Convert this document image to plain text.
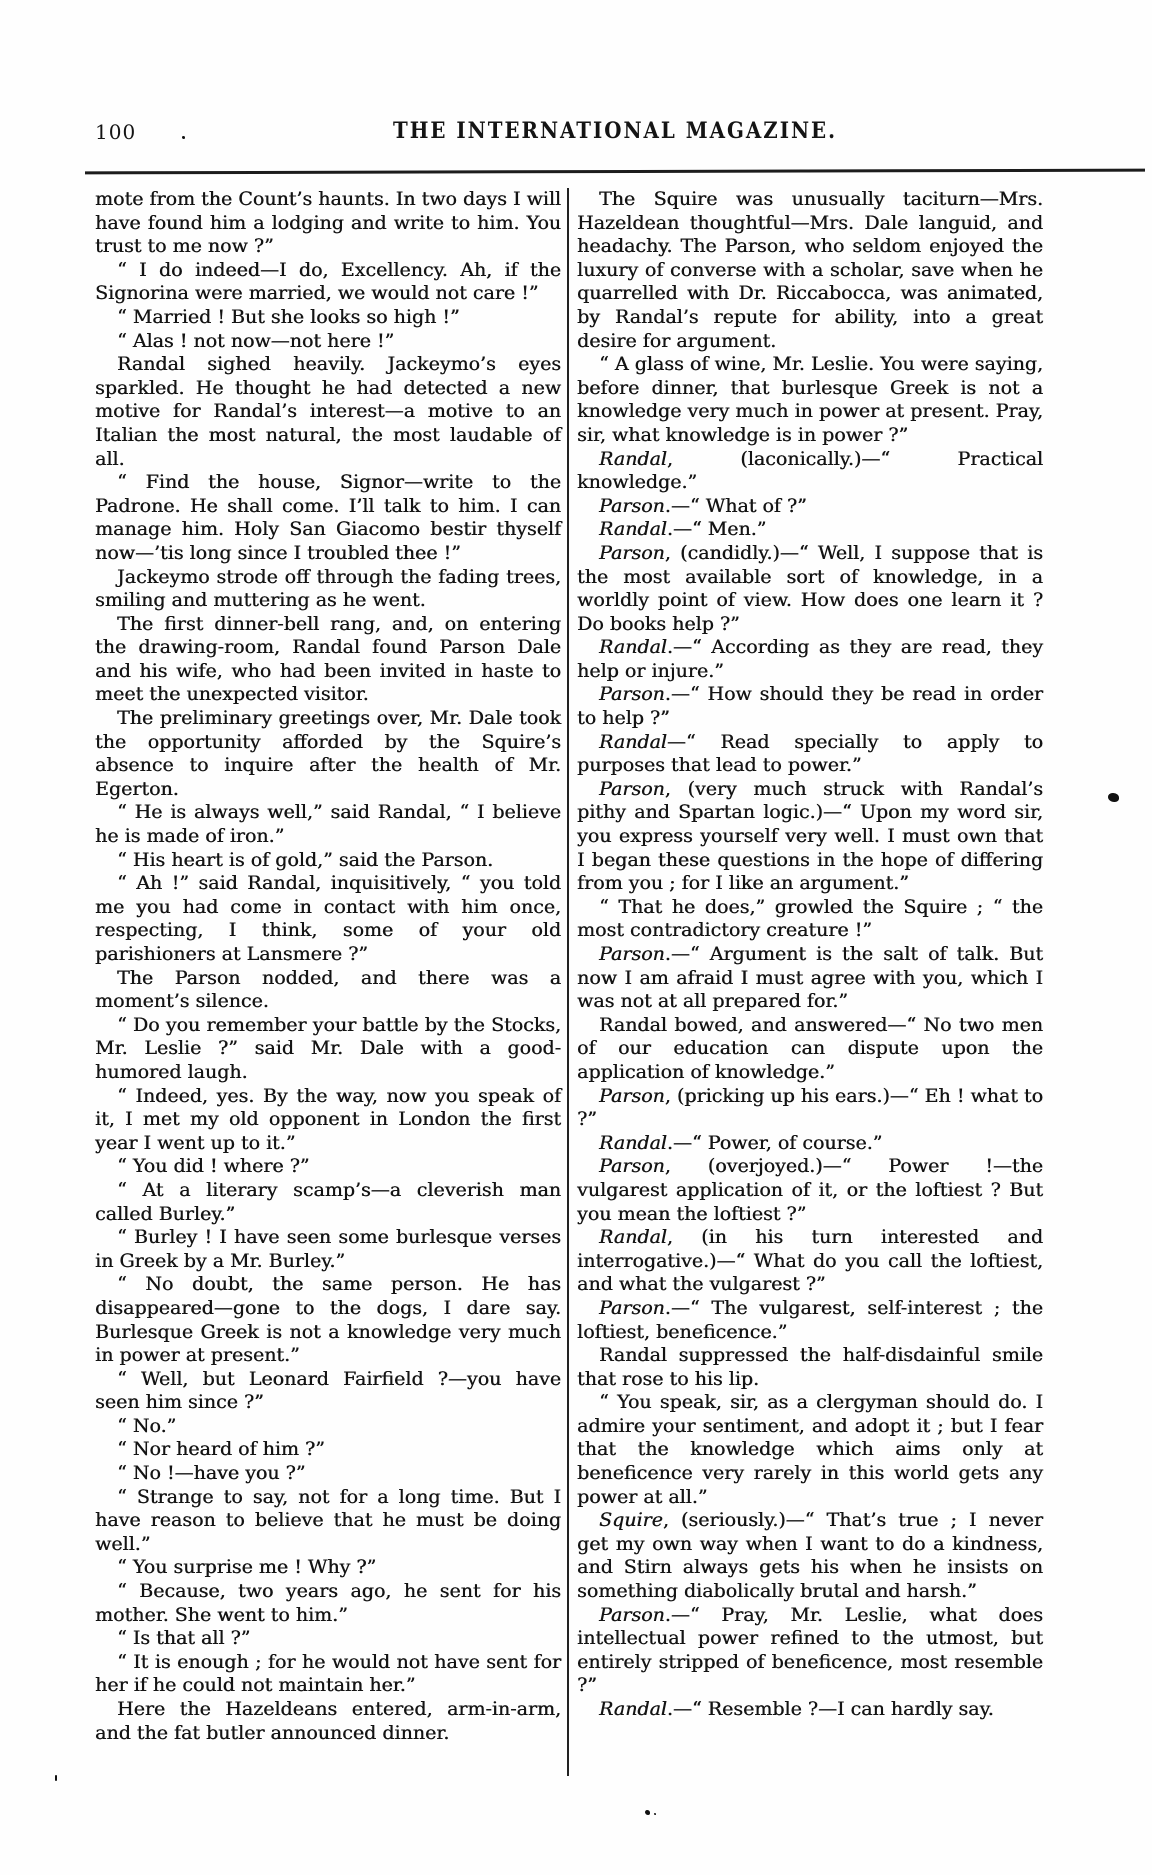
100	THE INTERNATIONAL MAGAZINE.

mote from the Count’s haunts. In two days I will have found him a lodging and write to him. You trust to me now ?”

“ I do indeed—I do, Excellency. Ah, if the Signorina were married, we would not care !”

“ Married ! But she looks so high !”

“ Alas ! not now—not here !”

Randal sighed heavily. Jackeymo’s eyes sparkled. He thought he had detected a new motive for Randal’s interest—a motive to an Italian the most natural, the most laudable of all.

“ Find the house, Signor—write to the Padrone. He shall come. I’ll talk to him. I can manage him. Holy San Giacomo bestir thyself now—’tis long since I troubled thee !”

Jackeymo strode off through the fading trees, smiling and muttering as he went.

The first dinner-bell rang, and, on entering the drawing-room, Randal found Parson Dale and his wife, who had been invited in haste to meet the unexpected visitor.

The preliminary greetings over, Mr. Dale took the opportunity afforded by the Squire’s absence to inquire after the health of Mr. Egerton.

“ He is always well,” said Randal, “ I believe he is made of iron.”

“ His heart is of gold,” said the Parson.

“ Ah !” said Randal, inquisitively, “ you told me you had come in contact with him once, respecting, I think, some of your old parishioners at Lansmere ?”

The Parson nodded, and there was a moment’s silence.

“ Do you remember your battle by the Stocks, Mr. Leslie ?” said Mr. Dale with a good-humored laugh.

“ Indeed, yes. By the way, now you speak of it, I met my old opponent in London the first year I went up to it.”

“ You did ! where ?”

“ At a literary scamp’s—a cleverish man called Burley.”

“ Burley ! I have seen some burlesque verses in Greek by a Mr. Burley.”

“ No doubt, the same person. He has disappeared—gone to the dogs, I dare say. Burlesque Greek is not a knowledge very much in power at present.”

“ Well, but Leonard Fairfield ?—you have seen him since ?”

“ No.”

“ Nor heard of him ?”

“ No !—have you ?”

“ Strange to say, not for a long time. But I have reason to believe that he must be doing well.”

“ You surprise me ! Why ?”

“ Because, two years ago, he sent for his mother. She went to him.”

“ Is that all ?”

“ It is enough ; for he would not have sent for her if he could not maintain her.”

Here the Hazeldeans entered, arm-in-arm, and the fat butler announced dinner.

The Squire was unusually taciturn—Mrs. Hazeldean thoughtful—Mrs. Dale languid, and headachy. The Parson, who seldom enjoyed the luxury of converse with a scholar, save when he quarrelled with Dr. Riccabocca, was animated, by Randal’s repute for ability, into a great desire for argument.

“ A glass of wine, Mr. Leslie. You were saying, before dinner, that burlesque Greek is not a knowledge very much in power at present. Pray, sir, what knowledge is in power ?”

Randal, (laconically.)—“ Practical knowledge.”

Parson.—“ What of ?”

Randal.—“ Men.”

Parson, (candidly.)—“ Well, I suppose that is the most available sort of knowledge, in a worldly point of view. How does one learn it ? Do books help ?”

Randal.—“ According as they are read, they help or injure.”

Parson.—“ How should they be read in order to help ?”

Randal—“ Read specially to apply to purposes that lead to power.”

Parson, (very much struck with Randal’s pithy and Spartan logic.)—“ Upon my word sir, you express yourself very well. I must own that I began these questions in the hope of differing from you ; for I like an argument.”

“ That he does,” growled the Squire ; “ the most contradictory creature !”

Parson.—“ Argument is the salt of talk. But now I am afraid I must agree with you, which I was not at all prepared for.”

Randal bowed, and answered—“ No two men of our education can dispute upon the application of knowledge.”

Parson, (pricking up his ears.)—“ Eh ! what to ?”

Randal.—“ Power, of course.”

Parson, (overjoyed.)—“ Power !—the vulgarest application of it, or the loftiest ? But you mean the loftiest ?”

Randal, (in his turn interested and interrogative.)—“ What do you call the loftiest, and what the vulgarest ?”

Parson.—“ The vulgarest, self-interest ; the loftiest, beneficence.”

Randal suppressed the half-disdainful smile that rose to his lip.

“ You speak, sir, as a clergyman should do. I admire your sentiment, and adopt it ; but I fear that the knowledge which aims only at beneficence very rarely in this world gets any power at all.”

Squire, (seriously.)—“ That’s true ; I never get my own way when I want to do a kindness, and Stirn always gets his when he insists on something diabolically brutal and harsh.”

Parson.—“ Pray, Mr. Leslie, what does intellectual power refined to the utmost, but entirely stripped of beneficence, most resemble ?”

Randal.—“ Resemble ?—I can hardly say.
